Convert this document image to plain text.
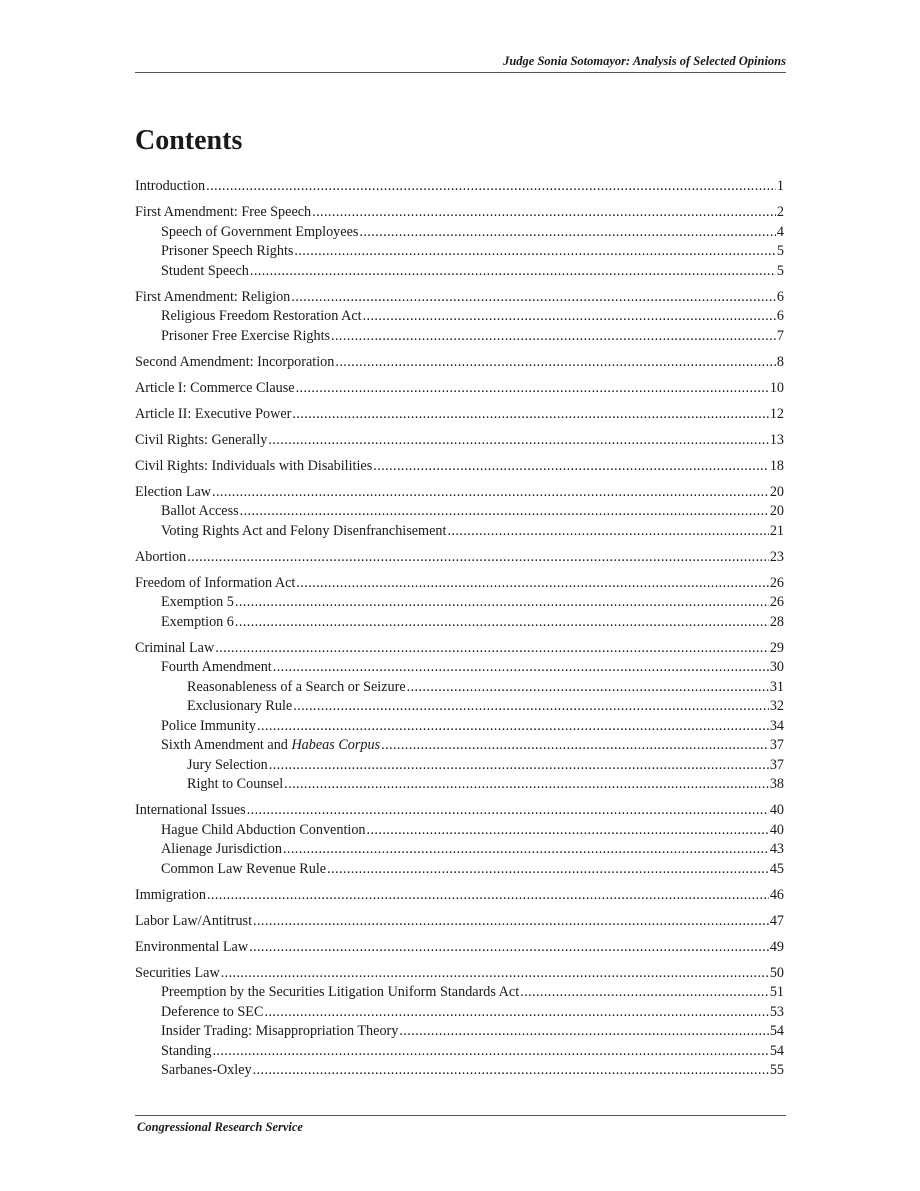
Judge Sonia Sotomayor: Analysis of Selected Opinions
Contents
Introduction .....	1
First Amendment: Free Speech .....	2
Speech of Government Employees .....	4
Prisoner Speech Rights .....	5
Student Speech .....	5
First Amendment: Religion .....	6
Religious Freedom Restoration Act .....	6
Prisoner Free Exercise Rights .....	7
Second Amendment: Incorporation .....	8
Article I: Commerce Clause .....	10
Article II: Executive Power .....	12
Civil Rights: Generally .....	13
Civil Rights: Individuals with Disabilities .....	18
Election Law .....	20
Ballot Access .....	20
Voting Rights Act and Felony Disenfranchisement .....	21
Abortion .....	23
Freedom of Information Act .....	26
Exemption 5 .....	26
Exemption 6 .....	28
Criminal Law .....	29
Fourth Amendment .....	30
Reasonableness of a Search or Seizure .....	31
Exclusionary Rule .....	32
Police Immunity .....	34
Sixth Amendment and Habeas Corpus .....	37
Jury Selection .....	37
Right to Counsel .....	38
International Issues .....	40
Hague Child Abduction Convention .....	40
Alienage Jurisdiction .....	43
Common Law Revenue Rule .....	45
Immigration .....	46
Labor Law/Antitrust .....	47
Environmental Law .....	49
Securities Law .....	50
Preemption by the Securities Litigation Uniform Standards Act .....	51
Deference to SEC .....	53
Insider Trading: Misappropriation Theory .....	54
Standing .....	54
Sarbanes-Oxley .....	55
Congressional Research Service
